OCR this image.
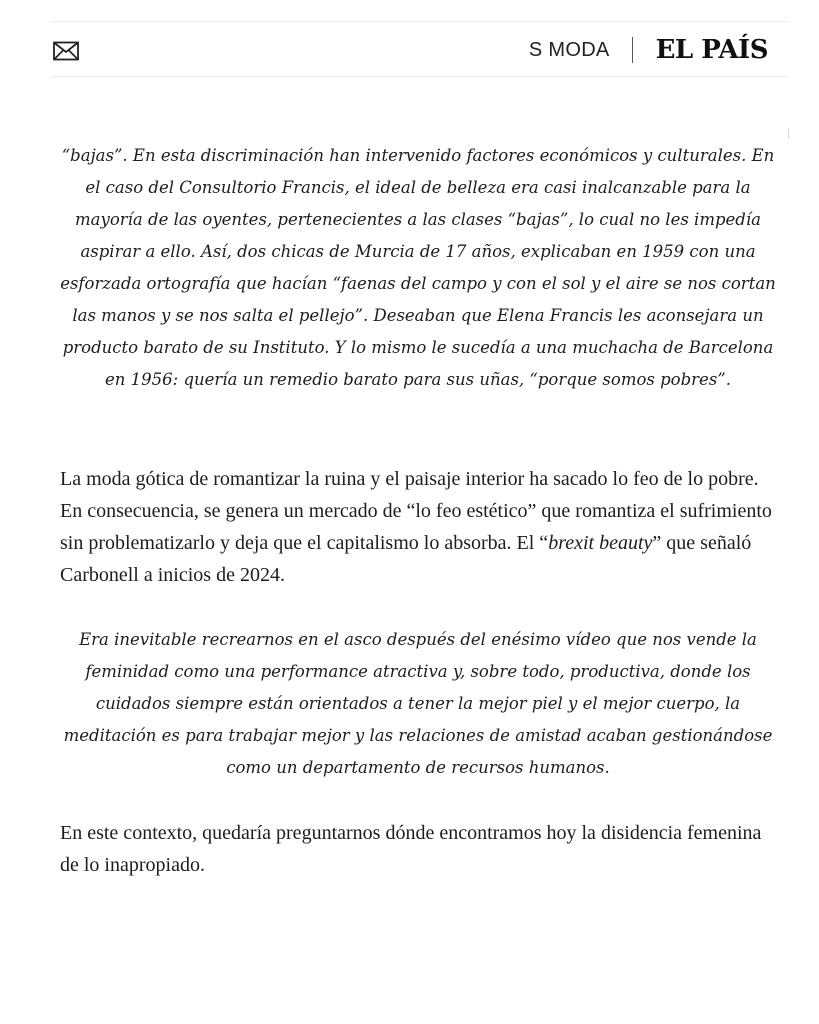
S MODA EL PAÍS

“bajas”. En esta discriminación han intervenido factores económicos y culturales. En el caso del Consultorio Francis, el ideal de belleza era casi inalcanzable para la mayoría de las oyentes, pertenecientes a las clases “bajas”, lo cual no les impedía aspirar a ello. Así, dos chicas de Murcia de 17 años, explicaban en 1959 con una esforzada ortografía que hacían “faenas del campo y con el sol y el aire se nos cortan las manos y se nos salta el pellejo”. Deseaban que Elena Francis les aconsejara un producto barato de su Instituto. Y lo mismo le sucedía a una muchacha de Barcelona en 1956: quería un remedio barato para sus uñas, “porque somos pobres”.

La moda gótica de romantizar la ruina y el paisaje interior ha sacado lo feo de lo pobre. En consecuencia, se genera un mercado de “lo feo estético” que romantiza el sufrimiento sin problematizarlo y deja que el capitalismo lo absorba. El “brexit beauty” que señaló Carbonell a inicios de 2024.

Era inevitable recrearnos en el asco después del enésimo vídeo que nos vende la feminidad como una performance atractiva y, sobre todo, productiva, donde los cuidados siempre están orientados a tener la mejor piel y el mejor cuerpo, la meditación es para trabajar mejor y las relaciones de amistad acaban gestionándose como un departamento de recursos humanos.

En este contexto, quedaría preguntarnos dónde encontramos hoy la disidencia femenina de lo inapropiado.
